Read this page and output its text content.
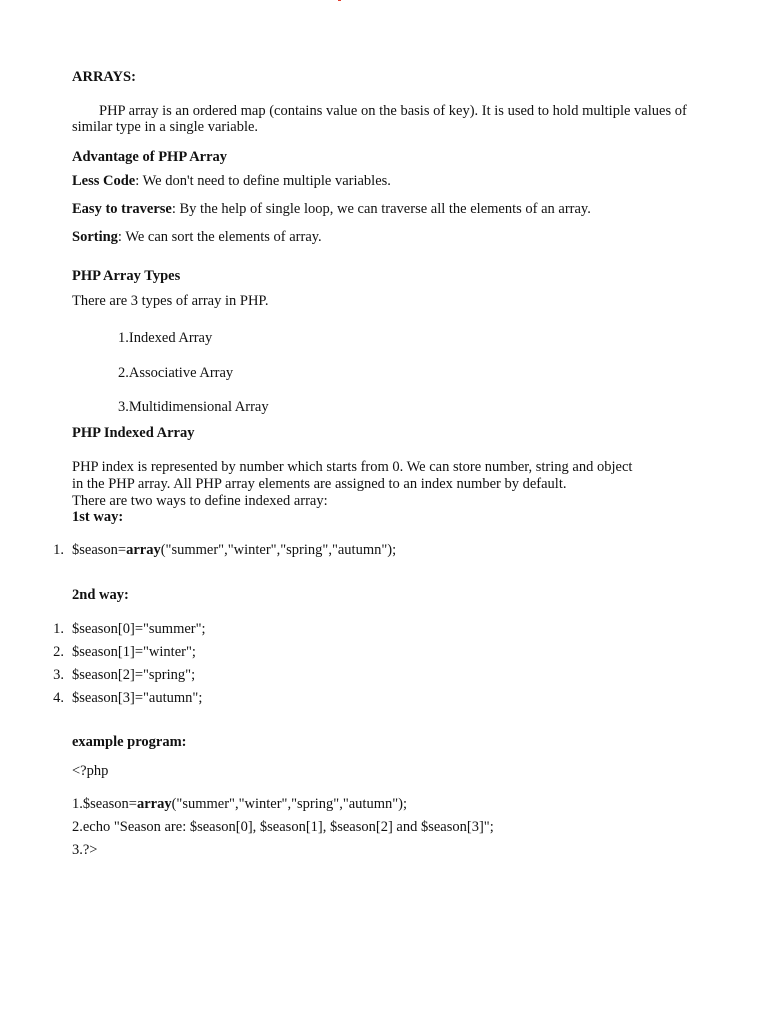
ARRAYS:
PHP array is an ordered map (contains value on the basis of key). It is used to hold multiple values of similar type in a single variable.
Advantage of PHP Array
Less Code: We don't need to define multiple variables.
Easy to traverse: By the help of single loop, we can traverse all the elements of an array.
Sorting: We can sort the elements of array.
PHP Array Types
There are 3 types of array in PHP.
1.Indexed Array
2.Associative Array
3.Multidimensional Array
PHP Indexed Array
PHP index is represented by number which starts from 0. We can store number, string and object
in the PHP array. All PHP array elements are assigned to an index number by default.
There are two ways to define indexed array:
1st way:
1. $season=array("summer","winter","spring","autumn");
2nd way:
1. $season[0]="summer";
2. $season[1]="winter";
3. $season[2]="spring";
4. $season[3]="autumn";
example program:
<?php
1.$season=array("summer","winter","spring","autumn");
2.echo "Season are: $season[0], $season[1], $season[2] and $season[3]";
3.?>
